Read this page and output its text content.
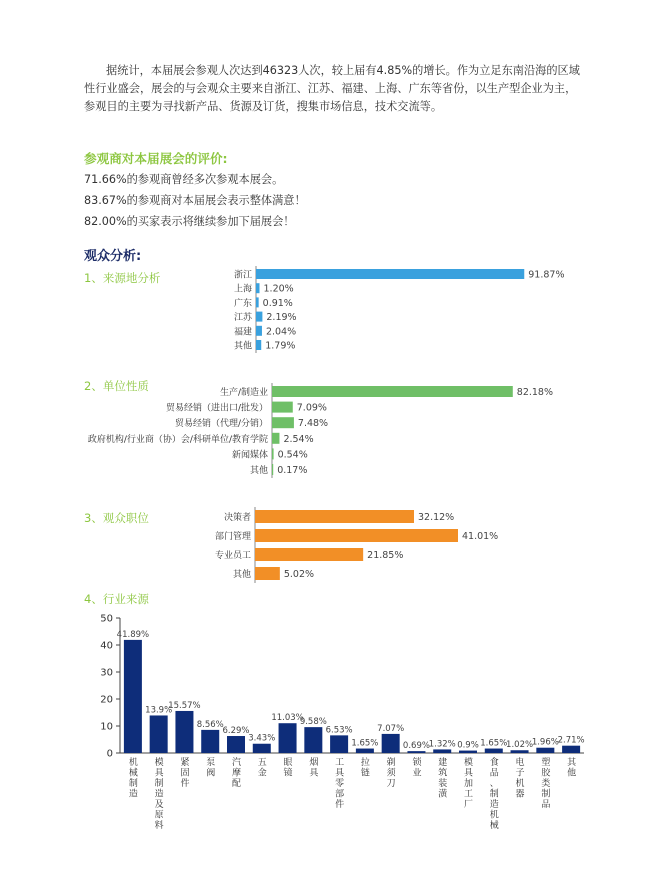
据统计，本届展会参观人次达到46323人次，较上届有4.85%的增长。作为立足东南沿海的区域性行业盛会，展会的与会观众主要来自浙江、江苏、福建、上海、广东等省份，以生产型企业为主，参观目的主要为寻找新产品、货源及订货，搜集市场信息，技术交流等。
参观商对本届展会的评价:
71.66%的参观商曾经多次参观本展会。
83.67%的参观商对本届展会表示整体满意！
82.00%的买家表示将继续参加下届展会！
观众分析:
1、来源地分析
2、单位性质
3、观众职位
4、行业来源
浙江	91.87%
上海 1.20%
广东 0.91%
江苏 2.19%
福建 2.04%
其他 1.79%
生产/制造业	82.18%
贸易经销（进出口/批发）	7.09%
贸易经销（代理/分销）	7.48%
政府机构/行业商（协）会/科研单位/教育学院 2.54%
新闻媒体 0.54%
其他 0.17%
决策者	32.12%
部门管理	41.01%
专业员工	21.85%
其他	5.02%
0
10
20
30
40
50
41.89%
机械制造
13.9%
模具制造及原料
15.57%
紧固件
8.56%
泵阀
6.29%
汽摩配
3.43%
五金
11.03%
眼镜
9.58%
烟具
6.53%
工具零部件
1.65%
拉链
7.07%
剃须刀
0.69%
锁业
1.32%
建筑装潢
0.9%
模具加工厂
1.65%
食品、制造机械
1.02%
电子机器
1.96%
塑胶类制品
2.71%
其他
